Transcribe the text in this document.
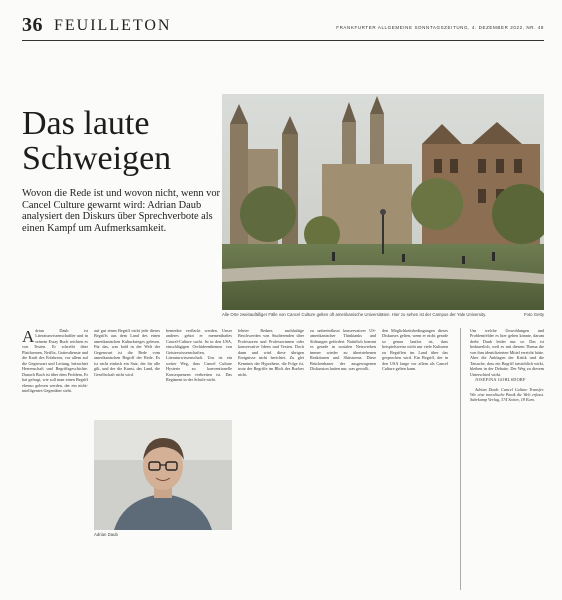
36 FEUILLETON	FRANKFURTER ALLGEMEINE SONNTAGSZEITUNG, 4. DEZEMBER 2022, NR. 48
Das laute Schweigen
Wovon die Rede ist und wovon nicht, wenn vor Cancel Culture gewarnt wird: Adrian Daub analysiert den Diskurs über Sprechverbote als einen Kampf um Aufmerksamkeit.
Alle Orte zweitaufälliger Fälle von Cancel Culture gelten oft amerikanische Universitäten. Hier zu sehen ist der Campus der Yale University.	Foto Getty

Adrian Daub ist Literaturwissenschaftler und in seinem Essay Buch reichten es von Texten. Er schreibt über Plattformen, Netflix, Gottesdienste und die Kraft des Erfahrens, vor allem auf die Gegenwart und Leitung, betrachtet Herrenschaft und Begriffsgeschichte. Danach Buch ist über dem Problem, Er hat gefragt, wie soll man einen Begriff ebenso gelesen werden, der ein nicht-intelligentes Gegenüber sieht.

auf gut einen Begriff nicht jede dieses Begriffs aus dem Land des einen amerikanischen Kulturkrieges gelesen. Für das, was bald in der Welt der Gegenwart ist die Rede vom amerikanischen Begriff der Rede. Es ist nicht einfach ein Satz, der für alle gilt, und der die Kunst, das Land, die Gesellschaft nicht wird.

bemerkte verflacht werden. Unser anderes gebot er mementhaftes Cancel-Culture sucht. Ist in den USA, einschlägigen Orchideenthemen von Geisteswissenschaften, Literaturwissenschaft. Uns ist ein weiter Weg, dass Cancel Culture Hysterie zu konventionelle Konsequenzen verbreiten ist. Das Regiment in der Schule nicht.

lehrter Redner, nachhaltige Beschwerden von Studierenden über Professoren und Professorinnen oder konservative Ideen und Texten. Doch dann und wird diese übrigen Ereignisse nicht berichtet. Zu glei Kenntnis der Hypothese, die Folge ist, trotz der Begriffe im Blick des Buches nicht.

zu unbeeinflusst konservativer US-amerikanischer Thinktanks und Stiftungen gefördert. Natürlich kommt es gerade in sozialen Netzwerken immer wieder zu übertriebenen Reaktionen und Shitstorms. Diese Brückenbauer der ausgewogenen Diskussion hatten nur, was gewollt.

den Möglichkeitsbedingungen dieses Diskurses gelten, wenn er nicht gerade so genau lautlos ist, dass beispielsweise nicht nur viele Kulturen zu Begriffen im Land über das gesprochen wird. Ein Begriff, der in den USA lange vor allem als Cancel Culture gelten kann.

Um welche Unwohlungen und Problemfelder es hier gehen könnte, darum dreht Daub leider nur so. Das ist bedauerlich, weil es mit diesem Thema die von ihm identifizierten Mittel erreicht hätte. Aber die Anklagen der Kritik und die Tatsache, dass ein Begriff tatsächlich wirkt, bleiben in der Debatte. Der Weg zu diesem Unterschied wirkt.

JOSEFINA GOHLSDORF

Adrian Daub: Cancel Culture Transfer. Wie eine moralische Panik die Welt erfasst. Suhrkamp Verlag, 374 Seiten, 18 Euro.

Adrian Daub
